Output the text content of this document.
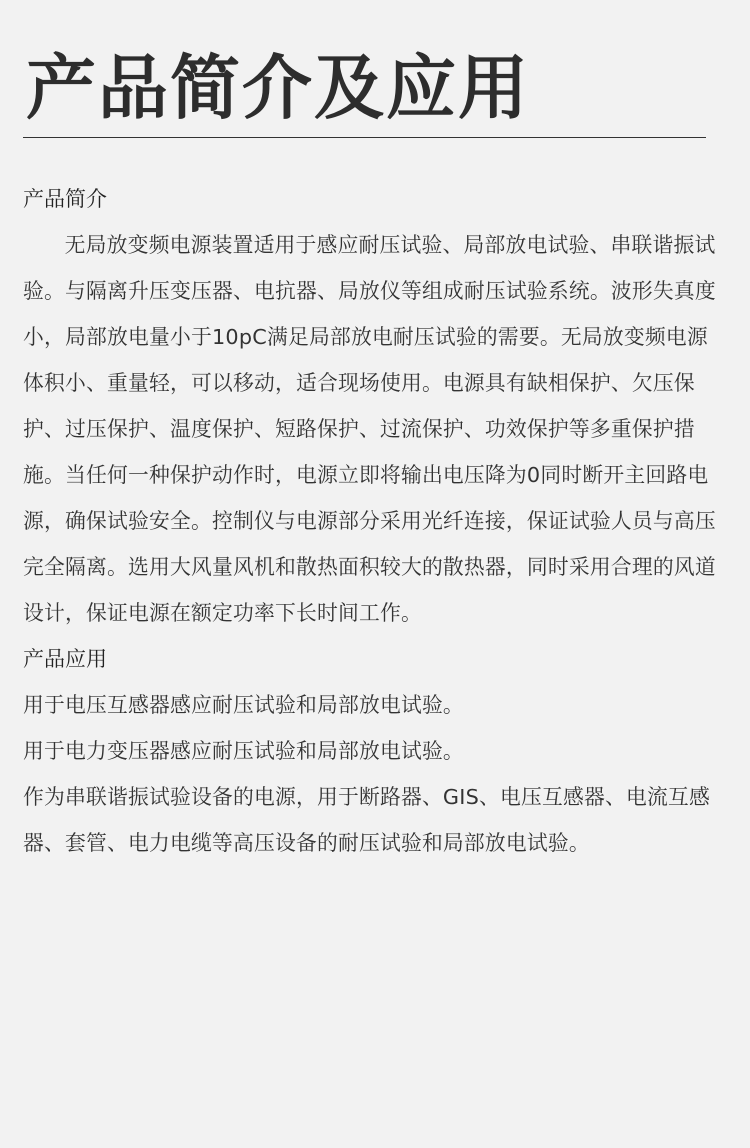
产品简介及应用
产品简介

无局放变频电源装置适用于感应耐压试验、局部放电试验、串联谐振试验。与隔离升压变压器、电抗器、局放仪等组成耐压试验系统。波形失真度小，局部放电量小于10pC满足局部放电耐压试验的需要。无局放变频电源体积小、重量轻，可以移动，适合现场使用。电源具有缺相保护、欠压保护、过压保护、温度保护、短路保护、过流保护、功效保护等多重保护措施。当任何一种保护动作时，电源立即将输出电压降为0同时断开主回路电源，确保试验安全。控制仪与电源部分采用光纤连接，保证试验人员与高压完全隔离。选用大风量风机和散热面积较大的散热器，同时采用合理的风道设计，保证电源在额定功率下长时间工作。

产品应用

用于电压互感器感应耐压试验和局部放电试验。

用于电力变压器感应耐压试验和局部放电试验。

作为串联谐振试验设备的电源，用于断路器、GIS、电压互感器、电流互感器、套管、电力电缆等高压设备的耐压试验和局部放电试验。
